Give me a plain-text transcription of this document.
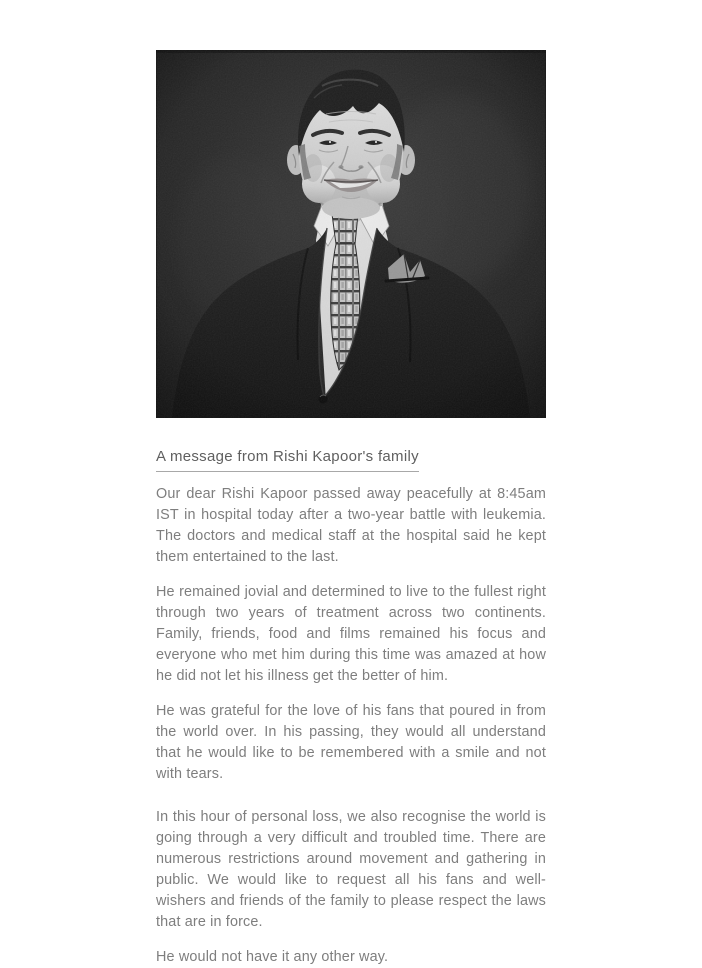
A message from Rishi Kapoor's family

Our dear Rishi Kapoor passed away peacefully at 8:45am IST in hospital today after a two-year battle with leukemia. The doctors and medical staff at the hospital said he kept them entertained to the last.

He remained jovial and determined to live to the fullest right through two years of treatment across two continents. Family, friends, food and films remained his focus and everyone who met him during this time was amazed at how he did not let his illness get the better of him.

He was grateful for the love of his fans that poured in from the world over. In his passing, they would all understand that he would like to be remembered with a smile and not with tears.

In this hour of personal loss, we also recognise the world is going through a very difficult and troubled time. There are numerous restrictions around movement and gathering in public. We would like to request all his fans and well-wishers and friends of the family to please respect the laws that are in force.

He would not have it any other way.
